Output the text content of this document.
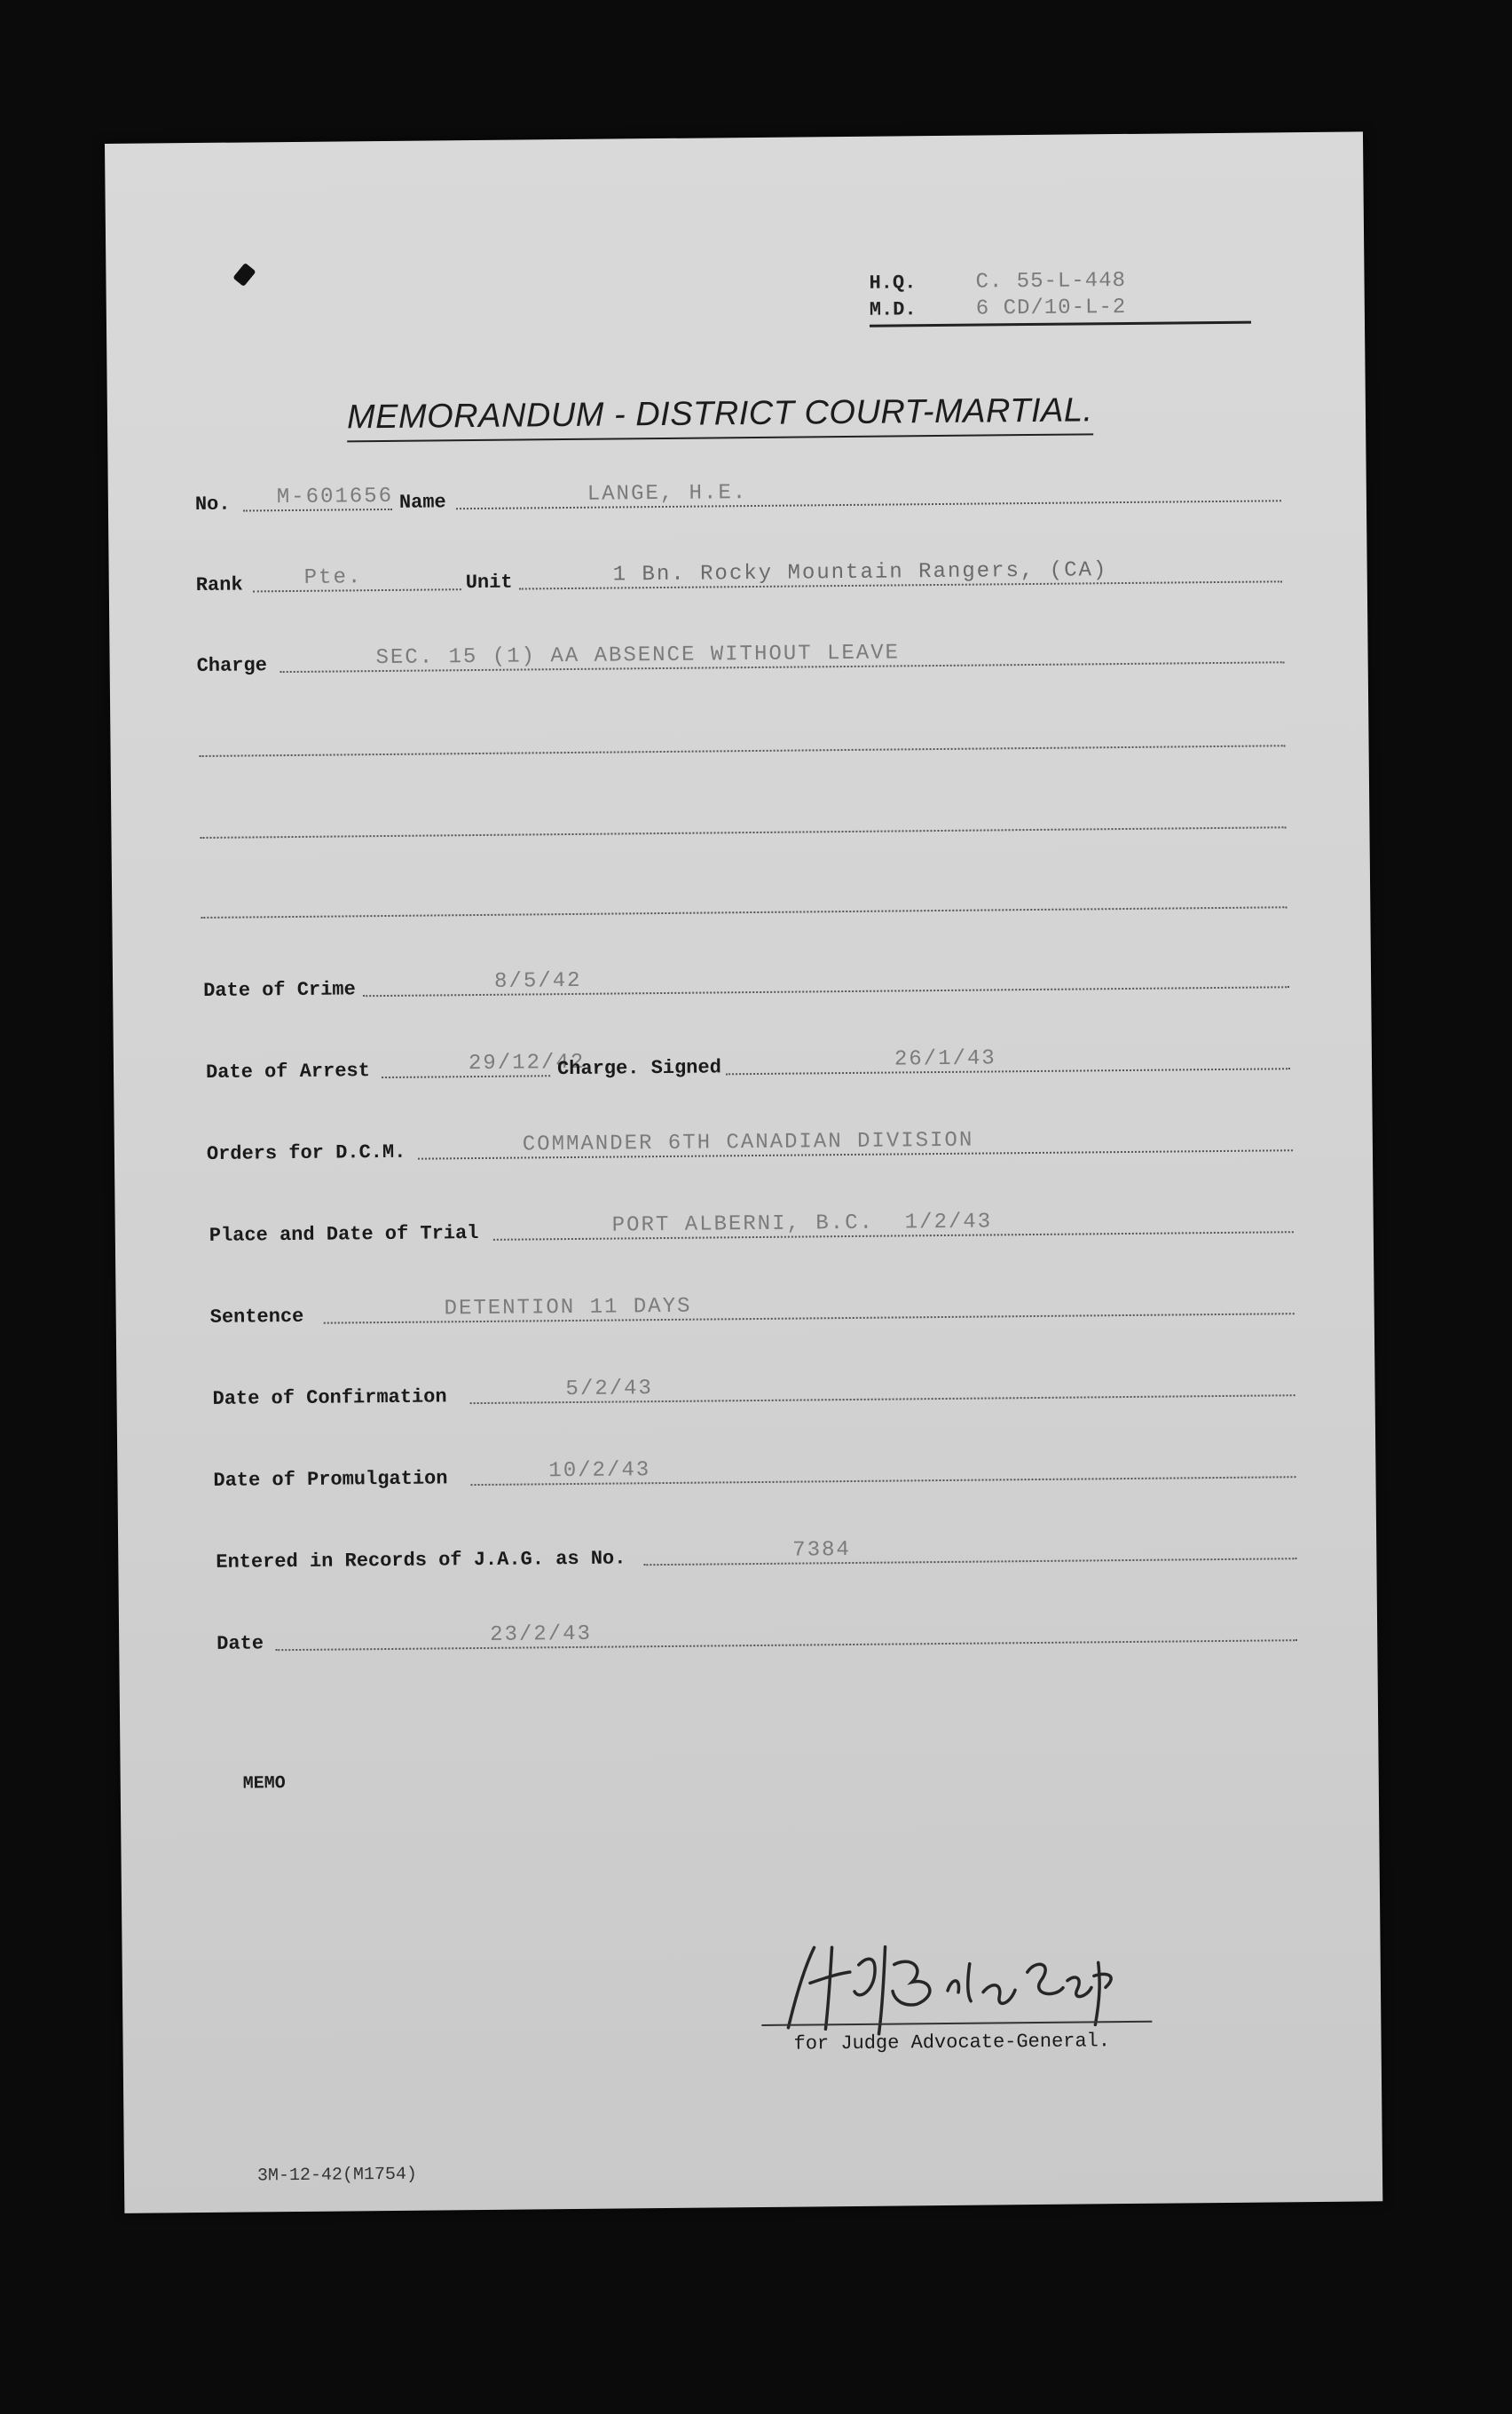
H.Q.	C. 55-L-448
M.D.	6 CD/10-L-2
MEMORANDUM - DISTRICT COURT-MARTIAL.
No. M-601656 Name	LANGE, H.E.
Rank	Pte.	Unit	1 Bn. Rocky Mountain Rangers, (CA)
Charge	SEC. 15 (1) AA ABSENCE WITHOUT LEAVE
Date of Crime	8/5/42
Date of Arrest	29/12/42
Charge. Signed	26/1/43
Orders for D.C.M.	COMMANDER 6TH CANADIAN DIVISION
Place and Date of Trial	PORT ALBERNI, B.C. 1/2/43
Sentence	DETENTION 11 DAYS
Date of Confirmation	5/2/43
Date of Promulgation	10/2/43
Entered in Records of J.A.G. as No.	7384
Date	23/2/43
MEMO
for Judge Advocate-General.
3M-12-42(M1754)
